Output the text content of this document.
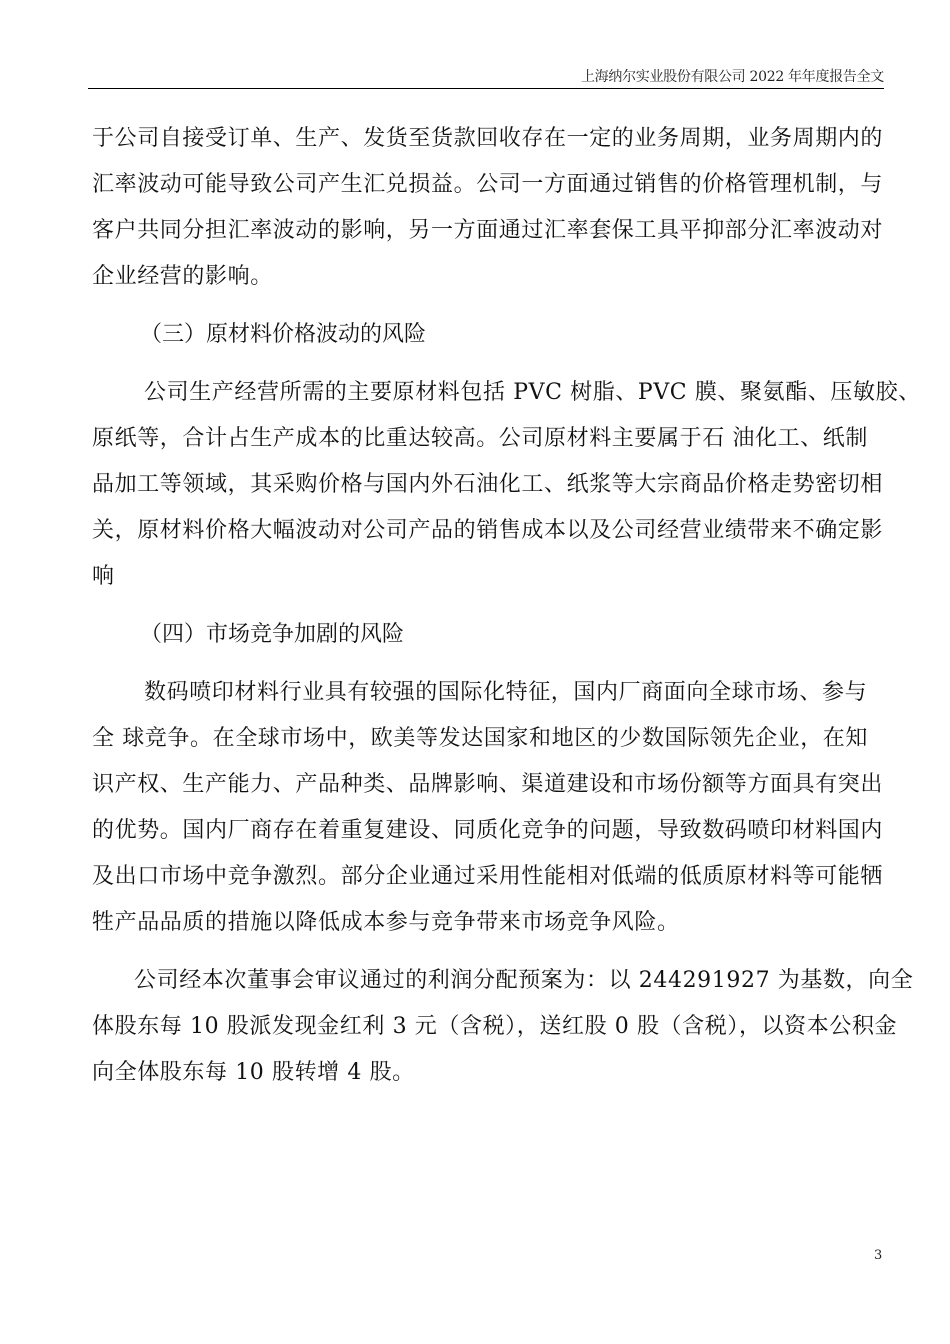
上海纳尔实业股份有限公司 2022 年年度报告全文
于公司自接受订单、生产、发货至货款回收存在一定的业务周期，业务周期内的
汇率波动可能导致公司产生汇兑损益。公司一方面通过销售的价格管理机制，与
客户共同分担汇率波动的影响，另一方面通过汇率套保工具平抑部分汇率波动对
企业经营的影响。
（三）原材料价格波动的风险
公司生产经营所需的主要原材料包括 PVC 树脂、PVC 膜、聚氨酯、压敏胶、
原纸等，合计占生产成本的比重达较高。公司原材料主要属于石 油化工、纸制
品加工等领域，其采购价格与国内外石油化工、纸浆等大宗商品价格走势密切相
关，原材料价格大幅波动对公司产品的销售成本以及公司经营业绩带来不确定影
响
（四）市场竞争加剧的风险
数码喷印材料行业具有较强的国际化特征，国内厂商面向全球市场、参与
全 球竞争。在全球市场中，欧美等发达国家和地区的少数国际领先企业，在知
识产权、生产能力、产品种类、品牌影响、渠道建设和市场份额等方面具有突出
的优势。国内厂商存在着重复建设、同质化竞争的问题，导致数码喷印材料国内
及出口市场中竞争激烈。部分企业通过采用性能相对低端的低质原材料等可能牺
牲产品品质的措施以降低成本参与竞争带来市场竞争风险。
公司经本次董事会审议通过的利润分配预案为：以 244291927 为基数，向全
体股东每 10 股派发现金红利 3 元（含税），送红股 0 股（含税），以资本公积金
向全体股东每 10 股转增 4 股。
3
